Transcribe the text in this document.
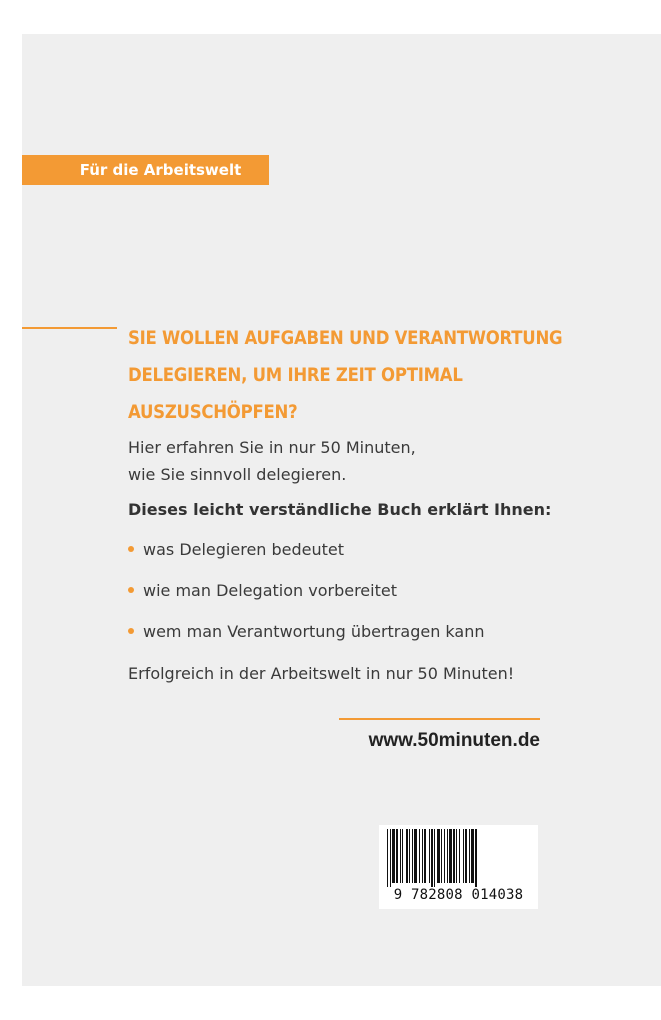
Für die Arbeitswelt
SIE WOLLEN AUFGABEN UND VERANTWORTUNG
DELEGIEREN, UM IHRE ZEIT OPTIMAL
AUSZUSCHÖPFEN?

Hier erfahren Sie in nur 50 Minuten,
wie Sie sinnvoll delegieren.

Dieses leicht verständliche Buch erklärt Ihnen:

was Delegieren bedeutet
wie man Delegation vorbereitet
wem man Verantwortung übertragen kann

Erfolgreich in der Arbeitswelt in nur 50 Minuten!

www.50minuten.de

9 782808 014038
